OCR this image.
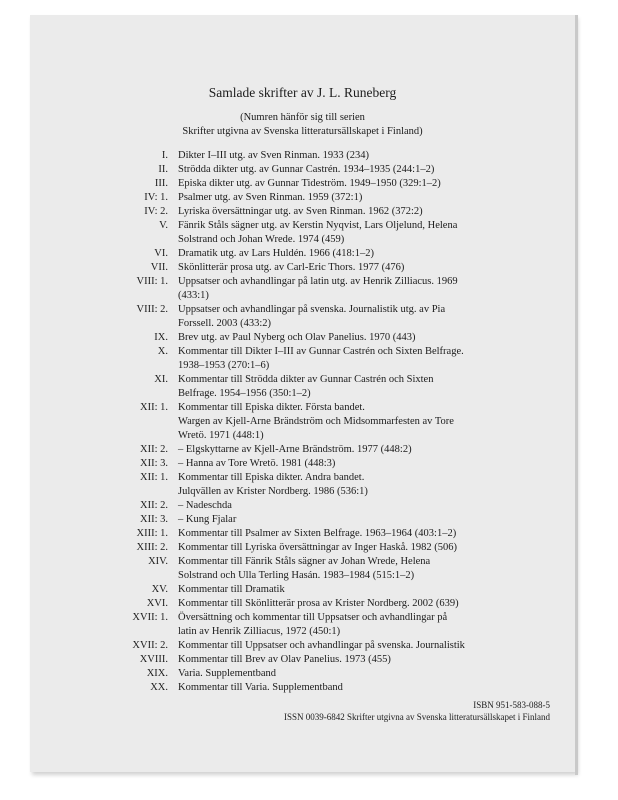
Samlade skrifter av J. L. Runeberg
(Numren hänför sig till serien
Skrifter utgivna av Svenska litteratursällskapet i Finland)
I. Dikter I–III utg. av Sven Rinman. 1933 (234)
II. Strödda dikter utg. av Gunnar Castrén. 1934–1935 (244:1–2)
III. Episka dikter utg. av Gunnar Tideström. 1949–1950 (329:1–2)
IV: 1. Psalmer utg. av Sven Rinman. 1959 (372:1)
IV: 2. Lyriska översättningar utg. av Sven Rinman. 1962 (372:2)
V. Fänrik Ståls sägner utg. av Kerstin Nyqvist, Lars Oljelund, Helena
Solstrand och Johan Wrede. 1974 (459)
VI. Dramatik utg. av Lars Huldén. 1966 (418:1–2)
VII. Skönlitterär prosa utg. av Carl-Eric Thors. 1977 (476)
VIII: 1. Uppsatser och avhandlingar på latin utg. av Henrik Zilliacus. 1969
(433:1)
VIII: 2. Uppsatser och avhandlingar på svenska. Journalistik utg. av Pia
Forssell. 2003 (433:2)
IX. Brev utg. av Paul Nyberg och Olav Panelius. 1970 (443)
X. Kommentar till Dikter I–III av Gunnar Castrén och Sixten Belfrage.
1938–1953 (270:1–6)
XI. Kommentar till Strödda dikter av Gunnar Castrén och Sixten
Belfrage. 1954–1956 (350:1–2)
XII: 1. Kommentar till Episka dikter. Första bandet.
Wargen av Kjell-Arne Brändström och Midsommarfesten av Tore
Wretö. 1971 (448:1)
XII: 2. – Elgskyttarne av Kjell-Arne Brändström. 1977 (448:2)
XII: 3. – Hanna av Tore Wretö. 1981 (448:3)
XII: 1. Kommentar till Episka dikter. Andra bandet.
Julqvällen av Krister Nordberg. 1986 (536:1)
XII: 2. – Nadeschda
XII: 3. – Kung Fjalar
XIII: 1. Kommentar till Psalmer av Sixten Belfrage. 1963–1964 (403:1–2)
XIII: 2. Kommentar till Lyriska översättningar av Inger Haskå. 1982 (506)
XIV. Kommentar till Fänrik Ståls sägner av Johan Wrede, Helena
Solstrand och Ulla Terling Hasán. 1983–1984 (515:1–2)
XV. Kommentar till Dramatik
XVI. Kommentar till Skönlitterär prosa av Krister Nordberg. 2002 (639)
XVII: 1. Översättning och kommentar till Uppsatser och avhandlingar på
latin av Henrik Zilliacus, 1972 (450:1)
XVII: 2. Kommentar till Uppsatser och avhandlingar på svenska. Journalistik
XVIII. Kommentar till Brev av Olav Panelius. 1973 (455)
XIX. Varia. Supplementband
XX. Kommentar till Varia. Supplementband
ISBN 951-583-088-5
ISSN 0039-6842 Skrifter utgivna av Svenska litteratursällskapet i Finland
